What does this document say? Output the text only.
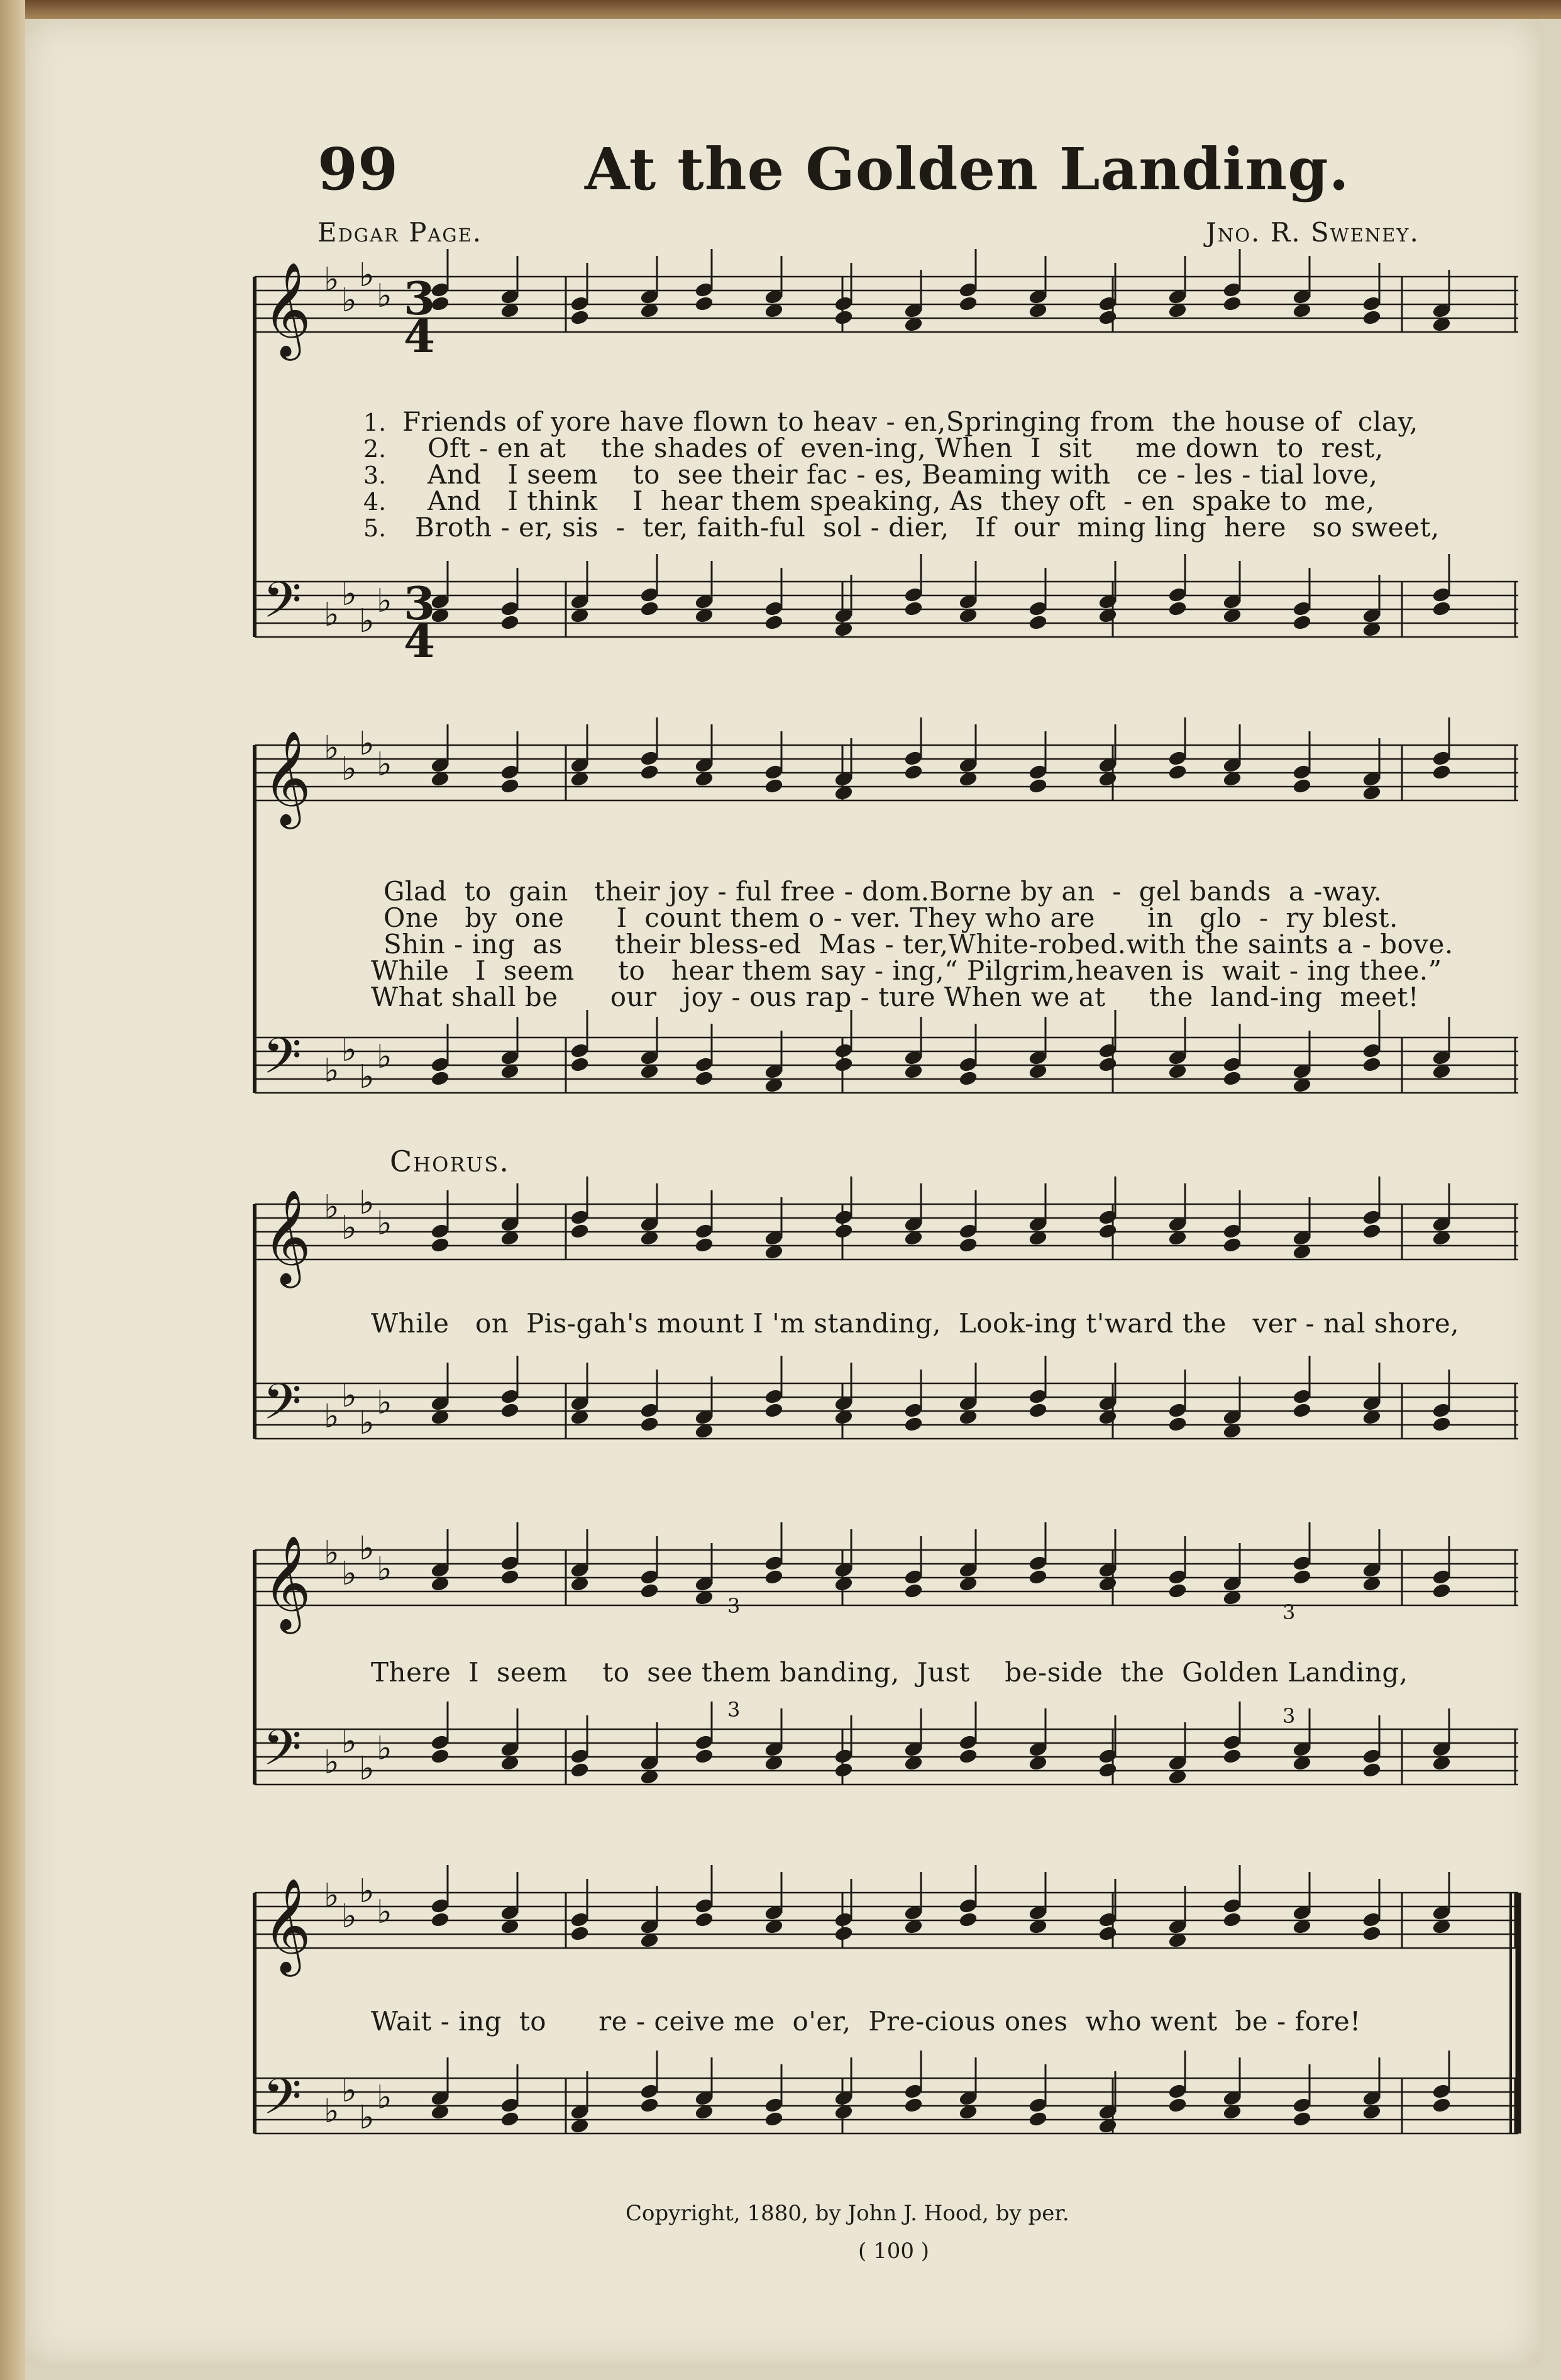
99	At the Golden Landing.
Edgar Page.	Jno. R. Sweney.
𝄞 ♭
♭
♭
♭
𝄢 ♭
♭
♭
♭
𝄞 ♭
♭
♭
♭
𝄢 ♭
♭
♭
♭
𝄞 ♭
♭
♭
♭
𝄢 ♭
♭
♭
♭
𝄞 ♭
♭
♭
♭
𝄢 ♭
♭
♭
♭
𝄞 ♭
♭
♭
♭
𝄢 ♭
♭
♭
♭
3
4
3
4
3	3
3	3
1.
2.
3.
4.
5.
Friends of yore have flown to heav - en,Springing from  the house of  clay,
Oft - en at    the shades of  even-ing, When  I  sit     me down  to  rest,
And   I seem    to  see their fac - es, Beaming with   ce - les - tial love,
And   I think    I  hear them speaking, As  they oft  - en  spake to  me,
Broth - er, sis  -  ter, faith-ful  sol - dier,   If  our  ming ling  here   so sweet,
Glad  to  gain   their joy - ful free - dom.Borne by an  -  gel bands  a -way.
One   by  one      I  count them o - ver. They who are      in   glo  -  ry blest.
Shin - ing  as      their bless-ed  Mas - ter,White-robed.with the saints a - bove.
While   I  seem     to   hear them say - ing,“ Pilgrim,heaven is  wait - ing thee.”
What shall be      our   joy - ous rap - ture When we at     the  land-ing  meet!
Chorus.
While   on  Pis-gah's mount I 'm standing,  Look-ing t'ward the   ver - nal shore,
There  I  seem    to  see them banding,  Just    be-side  the  Golden Landing,
Wait - ing  to      re - ceive me  o'er,  Pre-cious ones  who went  be - fore!
Copyright, 1880, by John J. Hood, by per.
( 100 )
